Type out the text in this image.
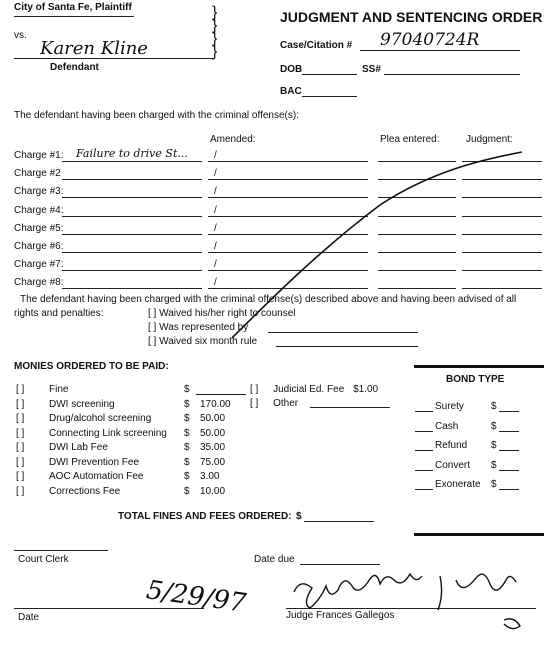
City of Santa Fe, Plaintiff	}
}
}
}
vs.
Karen Kline
Defendant
JUDGMENT AND SENTENCING ORDER
Case/Citation # 97040724R
DOB	SS#
BAC
The defendant having been charged with the criminal offense(s):
Amended:	Plea entered:	Judgment:
Charge #1: Failure to drive St...	/
Charge #2	/
Charge #3:	/
Charge #4:	/
Charge #5:	/
Charge #6:	/
Charge #7:	/
Charge #8:	/
The defendant having been charged with the criminal offense(s) described above and having been advised of all
rights and penalties:	[ ] Waived his/her right to counsel
[ ] Was represented by
[ ] Waived six month rule
MONIES ORDERED TO BE PAID:
[ ] Fine	$
[ ] DWI screening	$ 170.00
[ ] Drug/alcohol screening	$ 50.00
[ ] Connecting Link screening $ 50.00
[ ] DWI Lab Fee	$ 35.00
[ ] DWI Prevention Fee	$ 75.00
[ ] AOC Automation Fee	$ 3.00
[ ] Corrections Fee	$ 10.00
[ ] Judicial Ed. Fee $1.00
[ ] Other
TOTAL FINES AND FEES ORDERED: $
BOND TYPE
Surety	$
Cash	$
Refund $
Convert $
Exonerate $
Court Clerk	Date due
5/29/97
Date	Judge Frances Gallegos
